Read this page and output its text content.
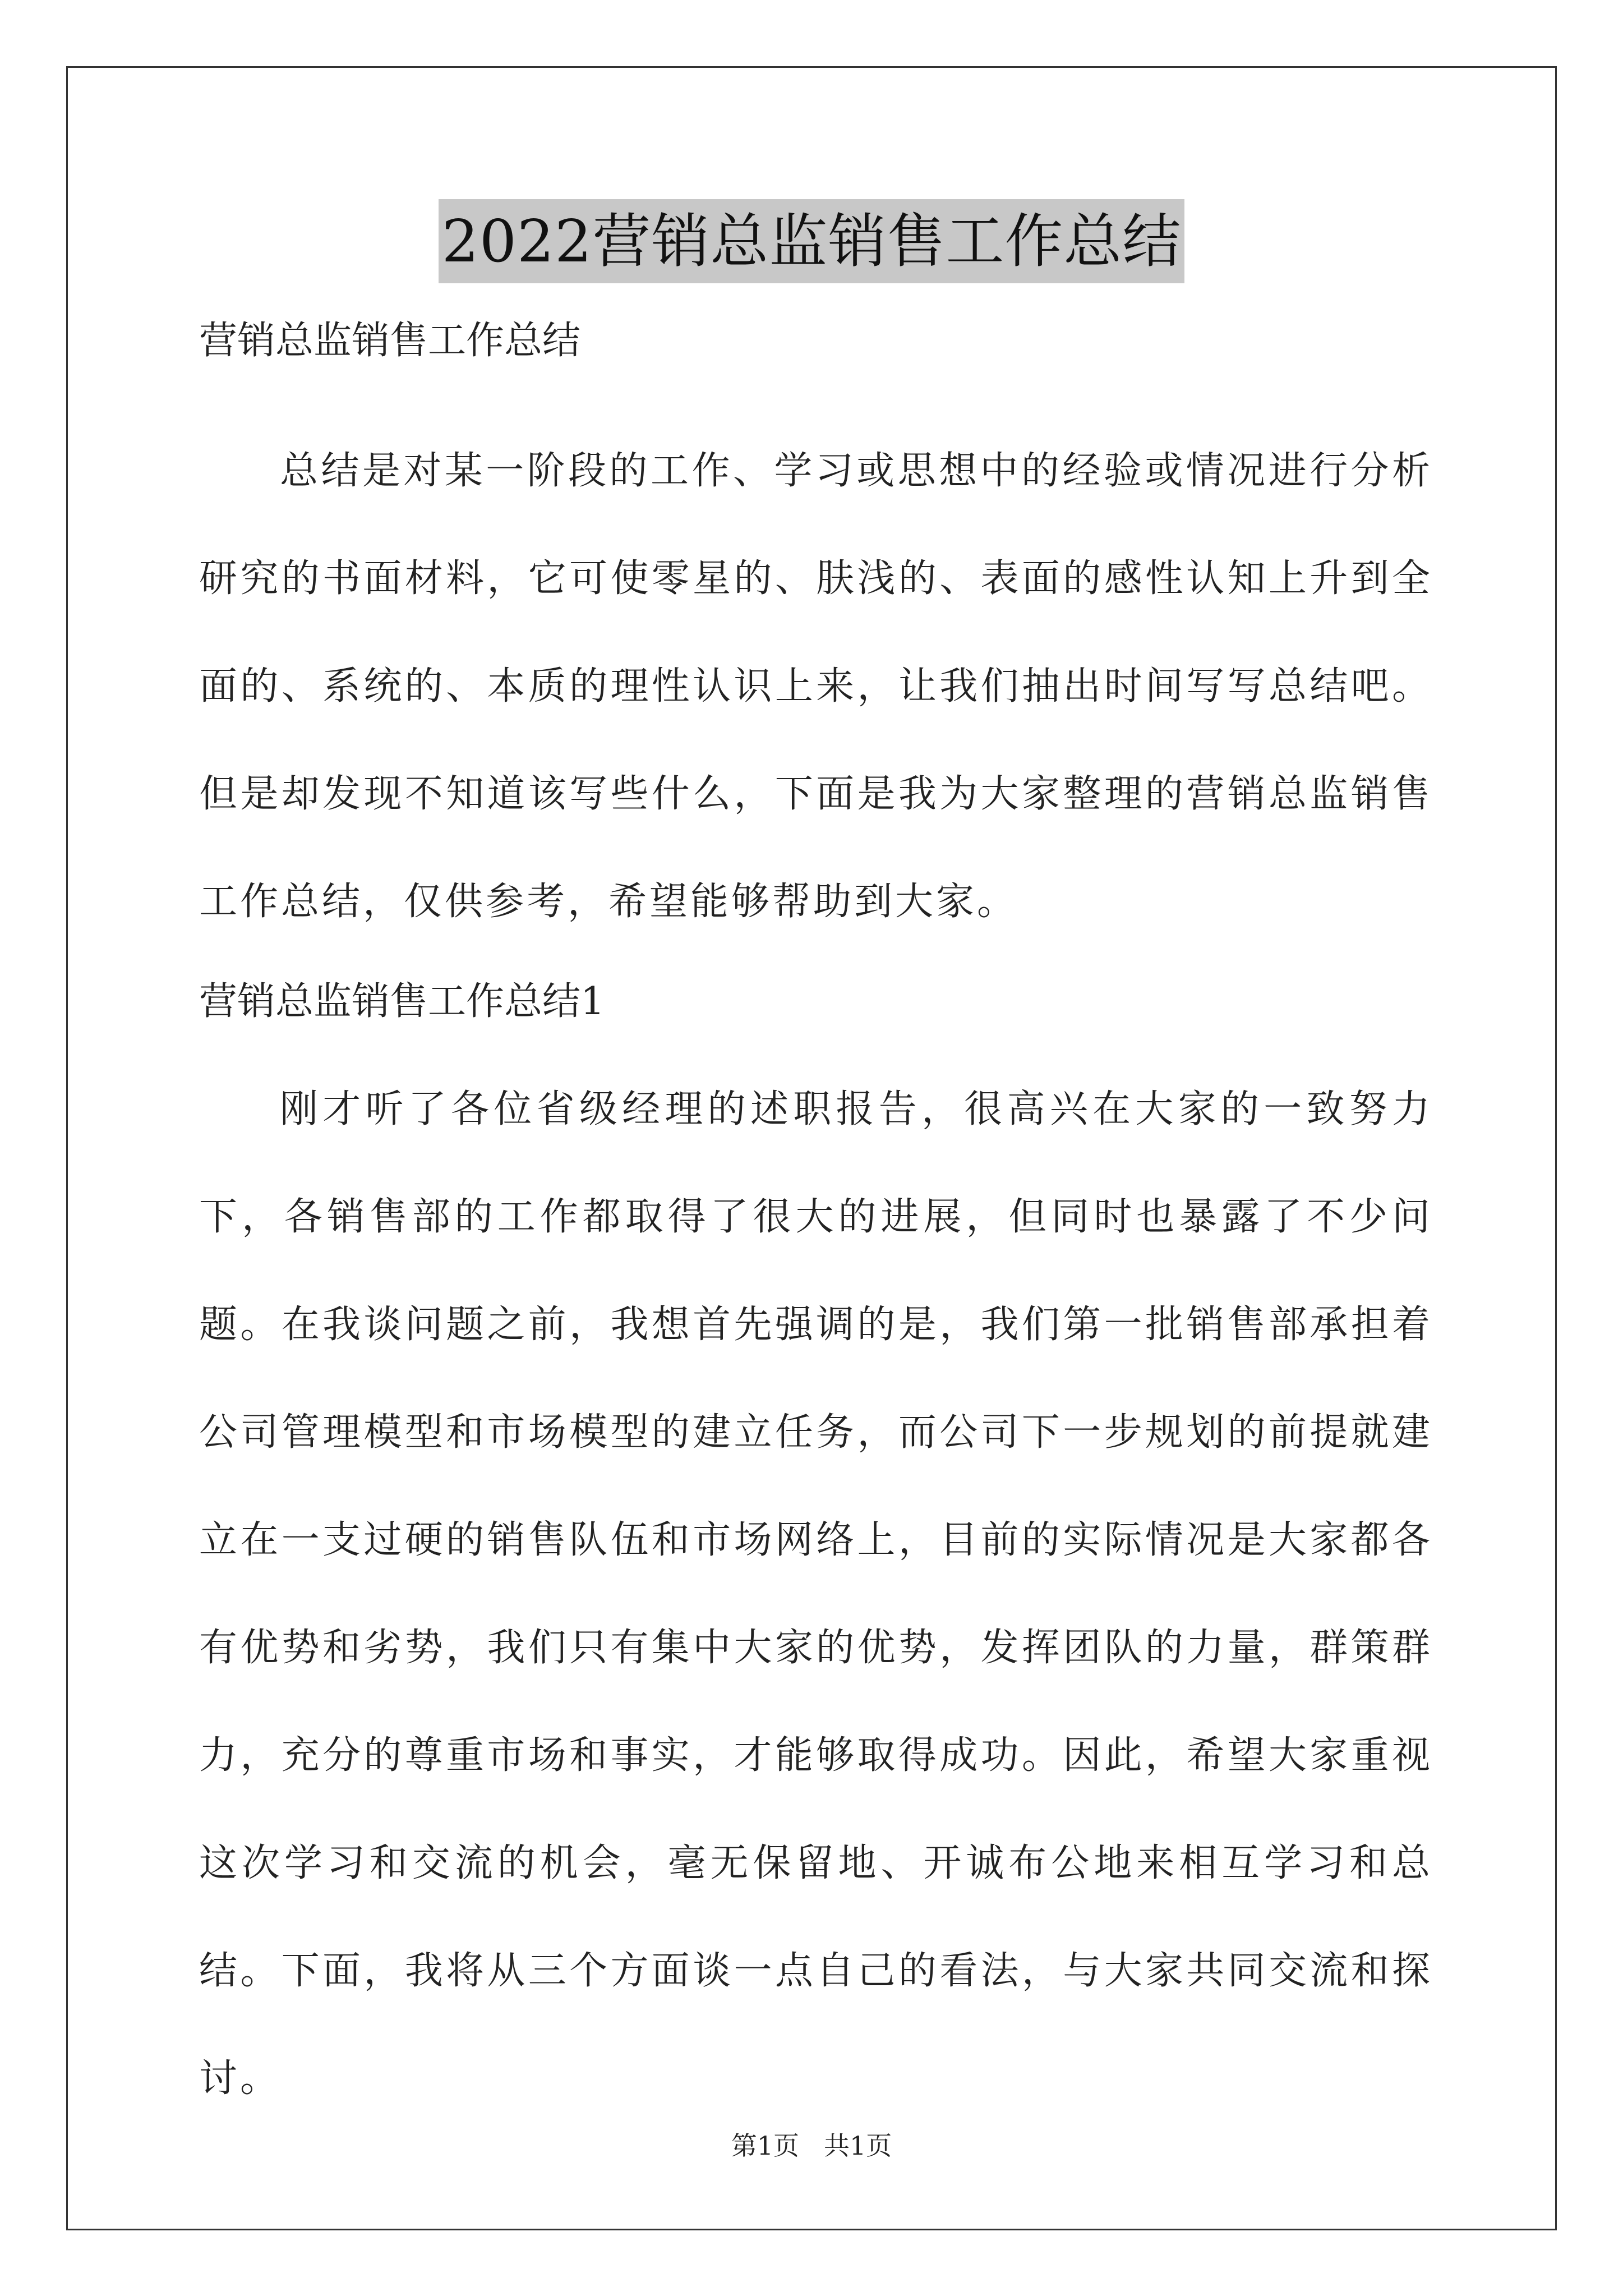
2022营销总监销售工作总结

营销总监销售工作总结

总结是对某一阶段的工作、学习或思想中的经验或情况进行分析研究的书面材料，它可使零星的、肤浅的、表面的感性认知上升到全面的、系统的、本质的理性认识上来，让我们抽出时间写写总结吧。但是却发现不知道该写些什么，下面是我为大家整理的营销总监销售工作总结，仅供参考，希望能够帮助到大家。

营销总监销售工作总结1

刚才听了各位省级经理的述职报告，很高兴在大家的一致努力下，各销售部的工作都取得了很大的进展，但同时也暴露了不少问题。在我谈问题之前，我想首先强调的是，我们第一批销售部承担着公司管理模型和市场模型的建立任务，而公司下一步规划的前提就建立在一支过硬的销售队伍和市场网络上，目前的实际情况是大家都各有优势和劣势，我们只有集中大家的优势，发挥团队的力量，群策群力，充分的尊重市场和事实，才能够取得成功。因此，希望大家重视这次学习和交流的机会，毫无保留地、开诚布公地来相互学习和总结。下面，我将从三个方面谈一点自己的看法，与大家共同交流和探讨。

第1页 共1页
